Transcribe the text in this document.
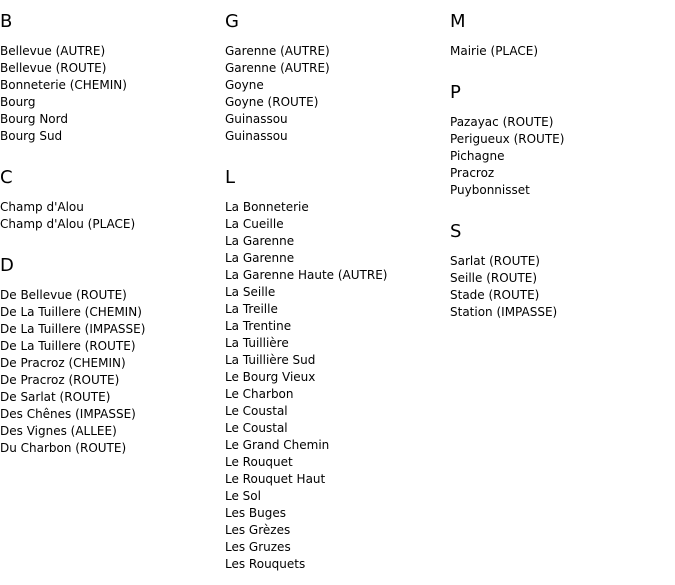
B
Bellevue (AUTRE)
Bellevue (ROUTE)
Bonneterie (CHEMIN)
Bourg
Bourg Nord
Bourg Sud
C
Champ d'Alou
Champ d'Alou (PLACE)
D
De Bellevue (ROUTE)
De La Tuillere (CHEMIN)
De La Tuillere (IMPASSE)
De La Tuillere (ROUTE)
De Pracroz (CHEMIN)
De Pracroz (ROUTE)
De Sarlat (ROUTE)
Des Chênes (IMPASSE)
Des Vignes (ALLEE)
Du Charbon (ROUTE)
G
Garenne (AUTRE)
Garenne (AUTRE)
Goyne
Goyne (ROUTE)
Guinassou
Guinassou
L
La Bonneterie
La Cueille
La Garenne
La Garenne
La Garenne Haute (AUTRE)
La Seille
La Treille
La Trentine
La Tuillière
La Tuillière Sud
Le Bourg Vieux
Le Charbon
Le Coustal
Le Coustal
Le Grand Chemin
Le Rouquet
Le Rouquet Haut
Le Sol
Les Buges
Les Grèzes
Les Gruzes
Les Rouquets
M
Mairie (PLACE)
P
Pazayac (ROUTE)
Perigueux (ROUTE)
Pichagne
Pracroz
Puybonnisset
S
Sarlat (ROUTE)
Seille (ROUTE)
Stade (ROUTE)
Station (IMPASSE)
